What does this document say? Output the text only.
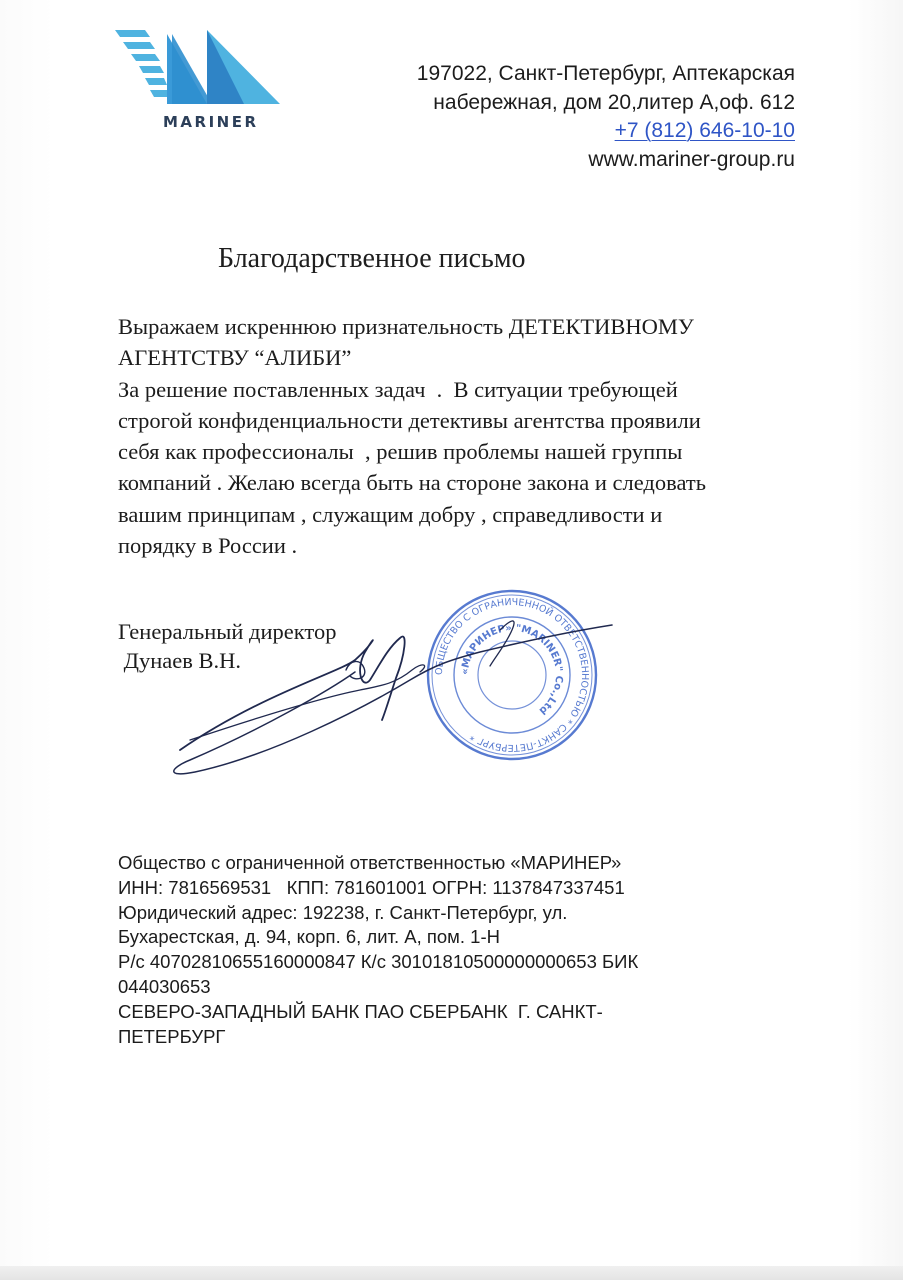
MARINER
197022, Санкт-Петербург, Аптекарская
набережная, дом 20,литер А,оф. 612
+7 (812) 646-10-10
www.mariner-group.ru
Благодарственное письмо
Выражаем искреннюю признательность ДЕТЕКТИВНОМУ
АГЕНТСТВУ “АЛИБИ”
За решение поставленных задач  .  В ситуации требующей
строгой конфиденциальности детективы агентства проявили
себя как профессионалы  , решив проблемы нашей группы
компаний . Желаю всегда быть на стороне закона и следовать
вашим принципам , служащим добру , справедливости и
порядку в России .
Генеральный директор
Дунаев В.Н.	ОБЩЕСТВО С ОГРАНИЧЕННОЙ ОТВЕТСТВЕННОСТЬЮ * САНКТ-ПЕТЕРБУРГ *
«МАРИНЕР» "MARINER" Co.,Ltd
Общество с ограниченной ответственностью «МАРИНЕР»
ИНН: 7816569531   КПП: 781601001 ОГРН: 1137847337451
Юридический адрес: 192238, г. Санкт-Петербург, ул.
Бухарестская, д. 94, корп. 6, лит. А, пом. 1-Н
Р/с 40702810655160000847 К/с 30101810500000000653 БИК
044030653
СЕВЕРО-ЗАПАДНЫЙ БАНК ПАО СБЕРБАНК  Г. САНКТ-
ПЕТЕРБУРГ
